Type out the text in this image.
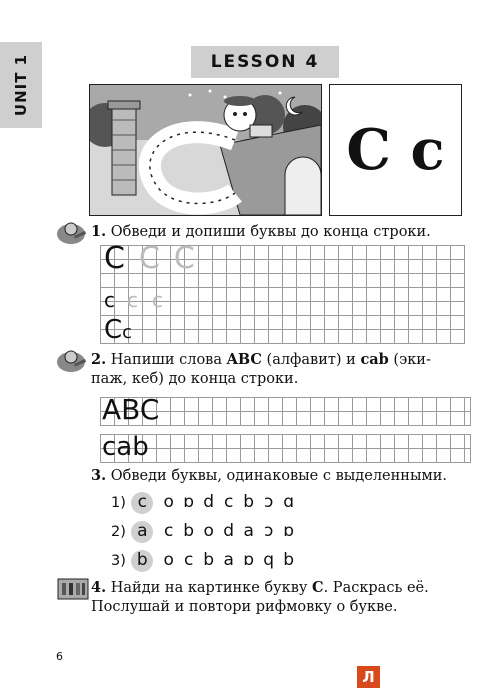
UNIT 1	LESSON 4
C c
1. Обведи и допиши буквы до конца строки.
C C C
c c c
Cc
2. Напиши слова ABC (алфавит) и cab (эки-
паж, кеб) до конца строки.
ABC
cab
3. Обведи буквы, одинаковые с выделенными.
1) c o ɒ d c b ɔ ɑ
2) a c b o d a ɔ ɒ
3) b o c b a ɒ q b
4. Найди на картинке букву C. Раскрась её.
Послушай и повтори рифмовку о букве.
6
Л
